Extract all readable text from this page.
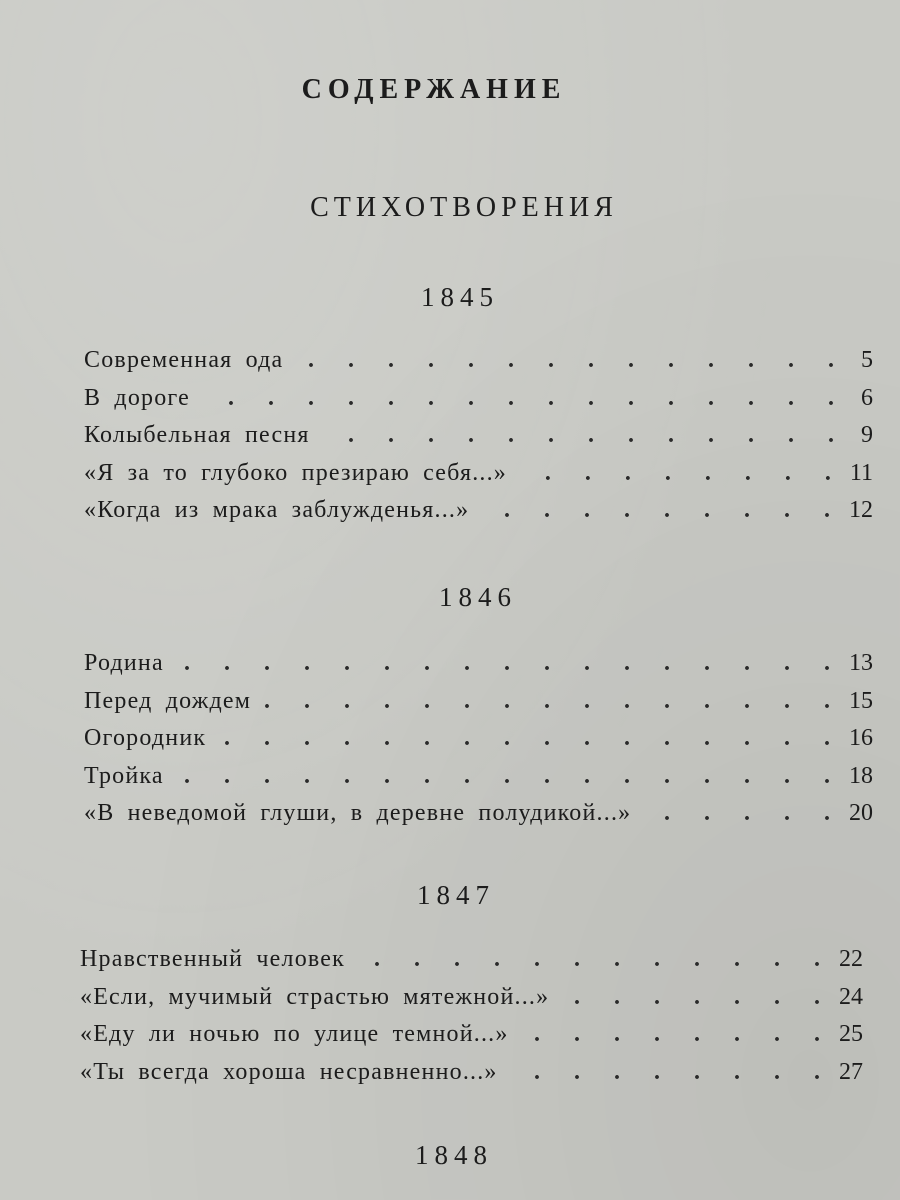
СОДЕРЖАНИЕ
СТИХОТВОРЕНИЯ
1845
Современная ода . . .	5
В дороге . . .	6
Колыбельная песня . . .	9
«Я за то глубоко презираю себя...» . . .	11
«Когда из мрака заблужденья...» . . .	12
1846
Родина . . .	13
Перед дождем . . .	15
Огородник . . .	16
Тройка . . .	18
«В неведомой глуши, в деревне полудикой...» . . .	20
1847
Нравственный человек . . .	22
«Если, мучимый страстью мятежной...» . . .	24
«Еду ли ночью по улице темной...» . . .	25
«Ты всегда хороша несравненно...» . . .	27
1848
